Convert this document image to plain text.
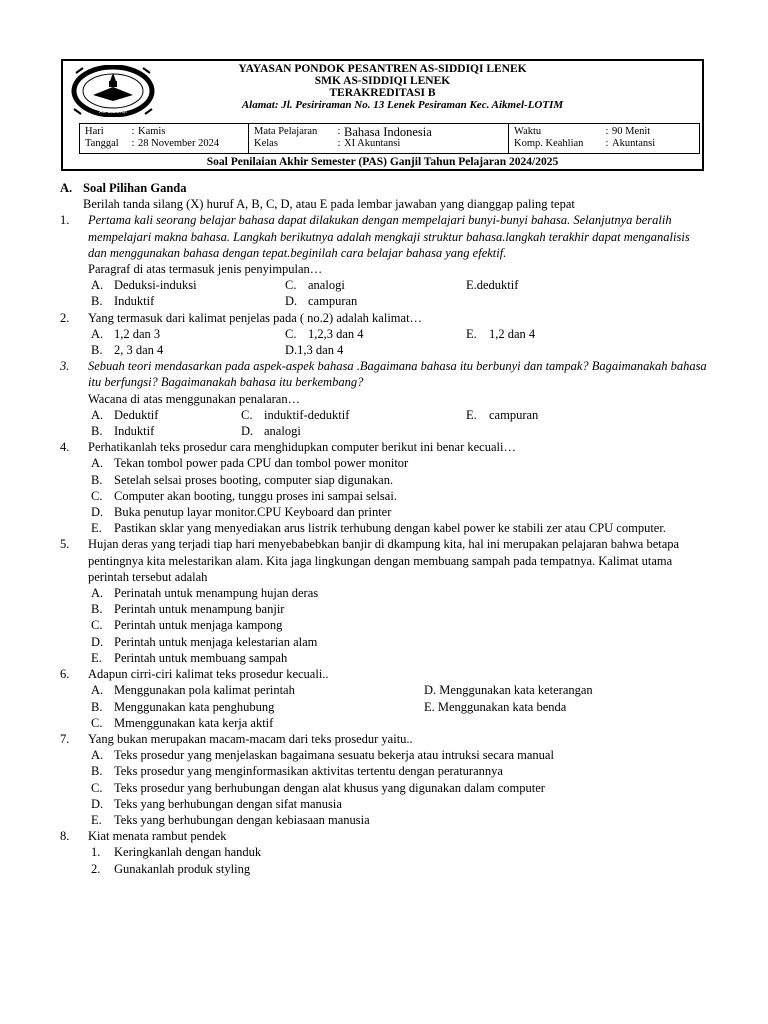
AS-SIDDIQI
YAYASAN PONDOK PESANTREN AS-SIDDIQI LENEK
SMK AS-SIDDIQI LENEK
TERAKREDITASI B
Alamat: Jl. Pesiriraman No. 13 Lenek Pesiraman Kec. Aikmel-LOTIM
Hari	: Kamis
Tanggal	: 28 November 2024
Mata Pelajaran	: Bahasa Indonesia
Kelas	: XI Akuntansi
Waktu	: 90 Menit
Komp. Keahlian	: Akuntansi
Soal Penilaian Akhir Semester (PAS) Ganjil Tahun Pelajaran 2024/2025
A. Soal Pilihan Ganda
Berilah tanda silang (X) huruf A, B, C, D, atau E pada lembar jawaban yang dianggap paling tepat
1.	Pertama kali seorang belajar bahasa dapat dilakukan dengan mempelajari bunyi-bunyi bahasa. Selanjutnya beralih mempelajari makna bahasa. Langkah berikutnya adalah mengkaji struktur bahasa.langkah terakhir dapat menganalisis dan menggunakan bahasa dengan tepat.beginilah cara belajar bahasa yang efektif.
Paragraf di atas termasuk jenis penyimpulan…
A. Deduksi-induksi	C. analogi	E.deduktif
B. Induktif	D. campuran
2.	Yang termasuk dari kalimat penjelas pada ( no.2) adalah kalimat…
A. 1,2 dan 3	C. 1,2,3 dan 4	E. 1,2 dan 4
B. 2, 3 dan 4	D.1,3 dan 4
3.	Sebuah teori mendasarkan pada aspek-aspek bahasa .Bagaimana bahasa itu berbunyi dan tampak? Bagaimanakah bahasa itu berfungsi? Bagaimanakah bahasa itu berkembang?
Wacana di atas menggunakan penalaran…
A. Deduktif	C. induktif-deduktif	E. campuran
B. Induktif	D. analogi
4.	Perhatikanlah teks prosedur cara menghidupkan computer berikut ini benar kecuali…
A. Tekan tombol power pada CPU dan tombol power monitor
B. Setelah selsai proses booting, computer siap digunakan.
C. Computer akan booting, tunggu proses ini sampai selsai.
D. Buka penutup layar monitor.CPU Keyboard dan printer
E. Pastikan sklar yang menyediakan arus listrik terhubung dengan kabel power ke stabili zer atau CPU computer.
5.	Hujan deras yang terjadi tiap hari menyebabebkan banjir di dkampung kita, hal ini merupakan pelajaran bahwa betapa pentingnya kita melestarikan alam. Kita jaga lingkungan dengan membuang sampah pada tempatnya. Kalimat utama perintah tersebut adalah
A. Perinatah untuk menampung hujan deras
B. Perintah untuk menampung banjir
C. Perintah untuk menjaga kampong
D. Perintah untuk menjaga kelestarian alam
E. Perintah untuk membuang sampah
6.	Adapun cirri-ciri kalimat teks prosedur kecuali..
A. Menggunakan pola kalimat perintah	D. Menggunakan kata keterangan
B. Menggunakan kata penghubung	E. Menggunakan kata benda
C. Mmenggunakan kata kerja aktif
7.	Yang bukan merupakan macam-macam dari teks prosedur yaitu..
A. Teks prosedur yang menjelaskan bagaimana sesuatu bekerja atau intruksi secara manual
B. Teks prosedur yang menginformasikan aktivitas tertentu dengan peraturannya
C. Teks prosedur yang berhubungan dengan alat khusus yang digunakan dalam computer
D. Teks yang berhubungan dengan sifat manusia
E. Teks yang berhubungan dengan kebiasaan manusia
8.	Kiat menata rambut pendek
1.	Keringkanlah dengan handuk
2.	Gunakanlah produk styling
